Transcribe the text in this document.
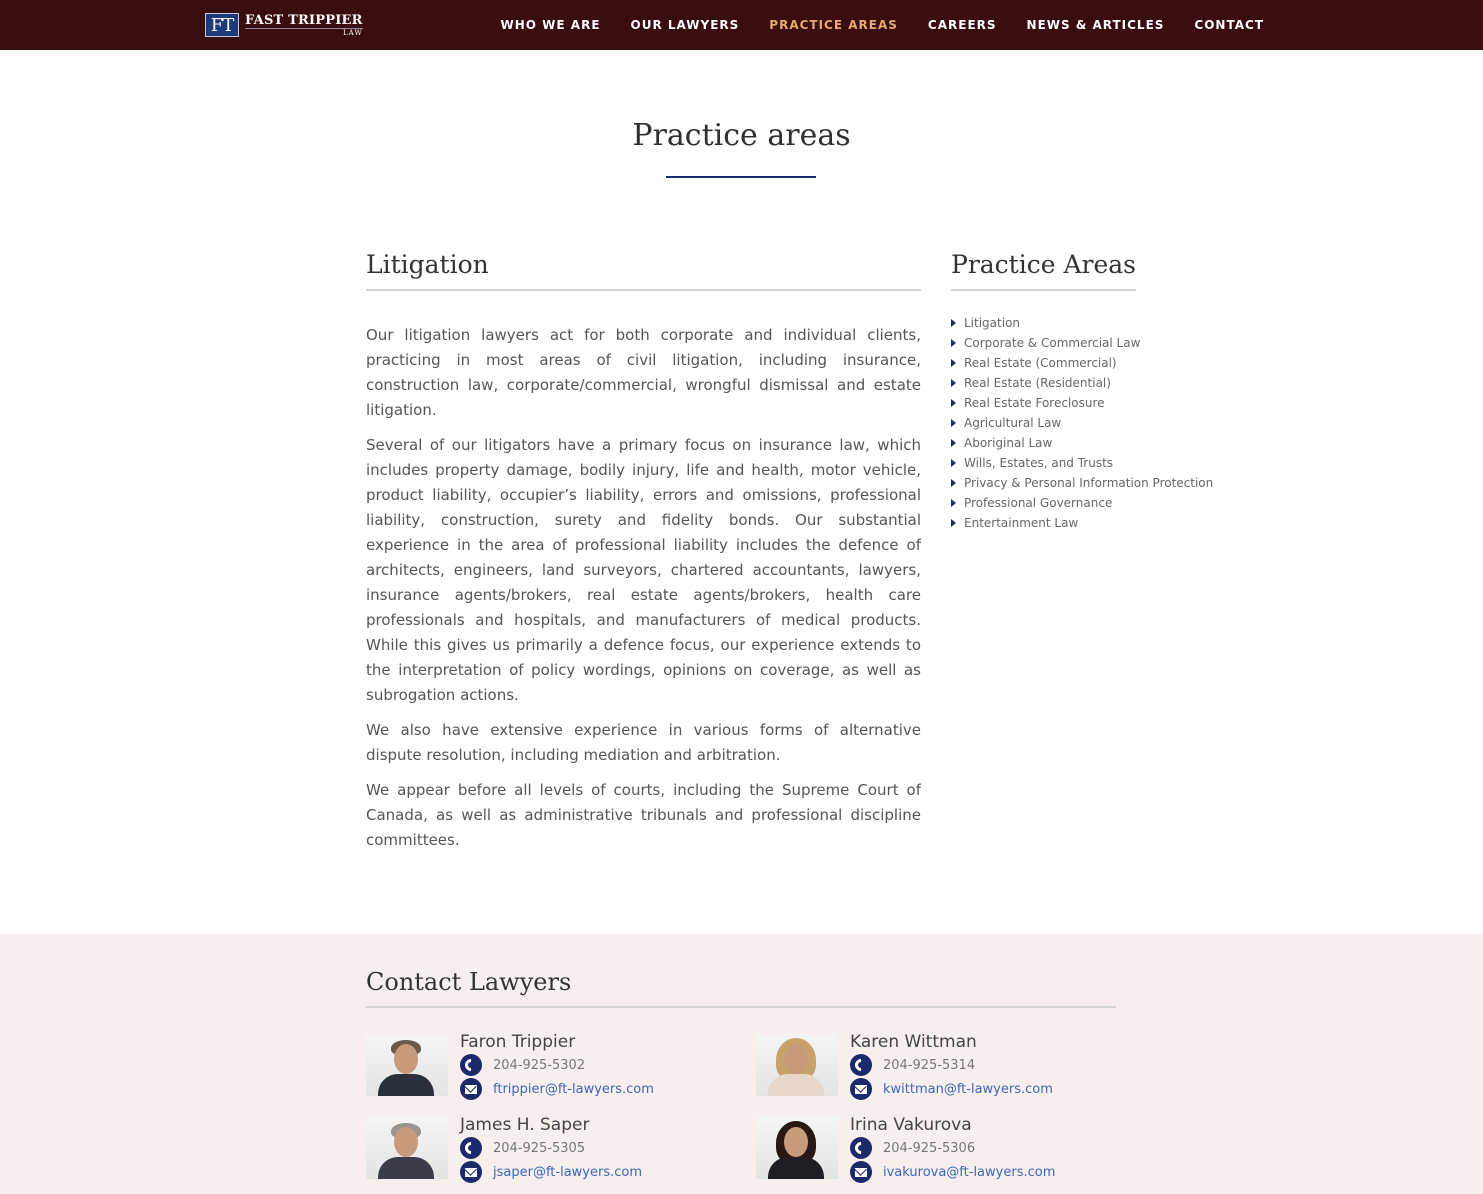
FT FAST TRIPPIER
LAW
WHO WE ARE	OUR LAWYERS	PRACTICE AREAS	CAREERS	NEWS & ARTICLES	CONTACT
Practice areas
Litigation

Our litigation lawyers act for both corporate and individual clients, practicing in most areas of civil litigation, including insurance, construction law, corporate/commercial, wrongful dismissal and estate litigation.

Several of our litigators have a primary focus on insurance law, which includes property damage, bodily injury, life and health, motor vehicle, product liability, occupier’s liability, errors and omissions, professional liability, construction, surety and fidelity bonds. Our substantial experience in the area of professional liability includes the defence of architects, engineers, land surveyors, chartered accountants, lawyers, insurance agents/brokers, real estate agents/brokers, health care professionals and hospitals, and manufacturers of medical products. While this gives us primarily a defence focus, our experience extends to the interpretation of policy wordings, opinions on coverage, as well as subrogation actions.

We also have extensive experience in various forms of alternative dispute resolution, including mediation and arbitration.

We appear before all levels of courts, including the Supreme Court of Canada, as well as administrative tribunals and professional discipline committees.

Practice Areas
Litigation
Corporate & Commercial Law
Real Estate (Commercial)
Real Estate (Residential)
Real Estate Foreclosure
Agricultural Law
Aboriginal Law
Wills, Estates, and Trusts
Privacy & Personal Information Protection
Professional Governance
Entertainment Law
Contact Lawyers
Faron Trippier
204-925-5302
ftrippier@ft-lawyers.com
Karen Wittman
204-925-5314
kwittman@ft-lawyers.com
James H. Saper
204-925-5305
jsaper@ft-lawyers.com
Irina Vakurova
204-925-5306
ivakurova@ft-lawyers.com
